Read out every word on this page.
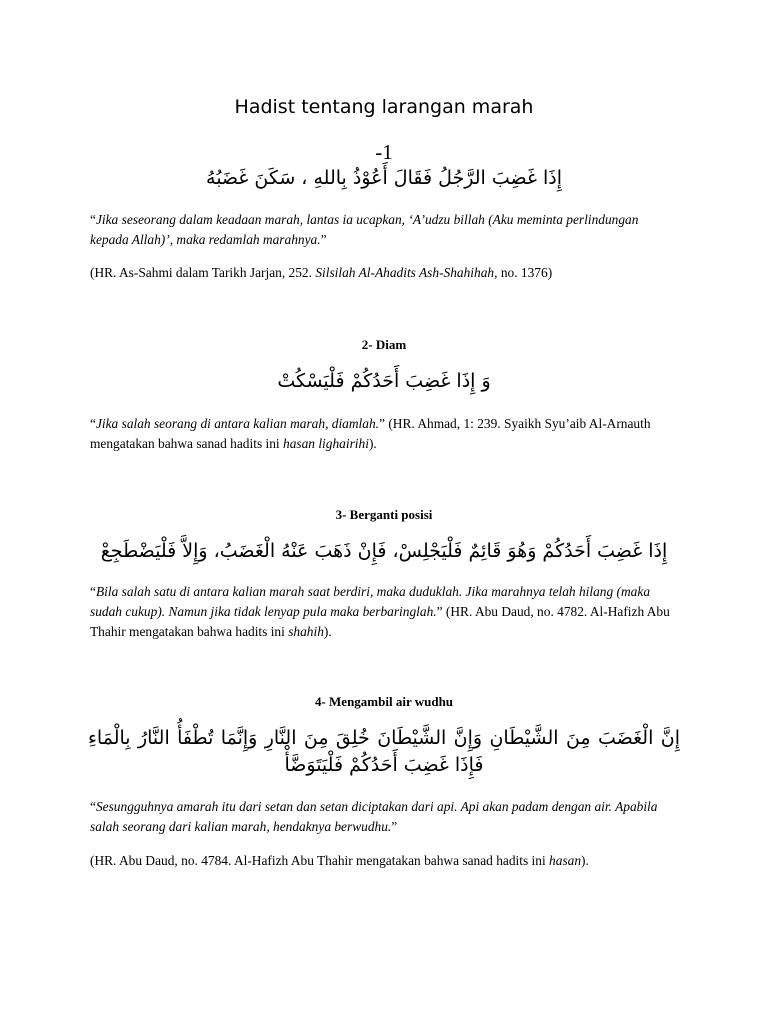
Hadist tentang larangan marah
-1
إِذَا غَضِبَ الرَّجُلُ فَقَالَ أَعُوْذُ بِاللهِ ، سَكَنَ غَضَبُهُ
“Jika seseorang dalam keadaan marah, lantas ia ucapkan, ‘A’udzu billah (Aku meminta perlindungan kepada Allah)’, maka redamlah marahnya.”
(HR. As-Sahmi dalam Tarikh Jarjan, 252. Silsilah Al-Ahadits Ash-Shahihah, no. 1376)
2- Diam
وَ إِذَا غَضِبَ أَحَدُكُمْ فَلْيَسْكُتْ
“Jika salah seorang di antara kalian marah, diamlah.” (HR. Ahmad, 1: 239. Syaikh Syu’aib Al-Arnauth mengatakan bahwa sanad hadits ini hasan lighairihi).
3- Berganti posisi
إِذَا غَضِبَ أَحَدُكُمْ وَهُوَ قَائِمٌ فَلْيَجْلِسْ، فَإِنْ ذَهَبَ عَنْهُ الْغَضَبُ، وَإِلاَّ فَلْيَضْطَجِعْ
“Bila salah satu di antara kalian marah saat berdiri, maka duduklah. Jika marahnya telah hilang (maka sudah cukup). Namun jika tidak lenyap pula maka berbaringlah.” (HR. Abu Daud, no. 4782. Al-Hafizh Abu Thahir mengatakan bahwa hadits ini shahih).
4- Mengambil air wudhu
إِنَّ الْغَضَبَ مِنَ الشَّيْطَانِ وَإِنَّ الشَّيْطَانَ خُلِقَ مِنَ النَّارِ وَإِنَّمَا تُطْفَأُ النَّارُ بِالْمَاءِ فَإِذَا غَضِبَ أَحَدُكُمْ فَلْيَتَوَضَّأْ
“Sesungguhnya amarah itu dari setan dan setan diciptakan dari api. Api akan padam dengan air. Apabila salah seorang dari kalian marah, hendaknya berwudhu.”
(HR. Abu Daud, no. 4784. Al-Hafizh Abu Thahir mengatakan bahwa sanad hadits ini hasan).
